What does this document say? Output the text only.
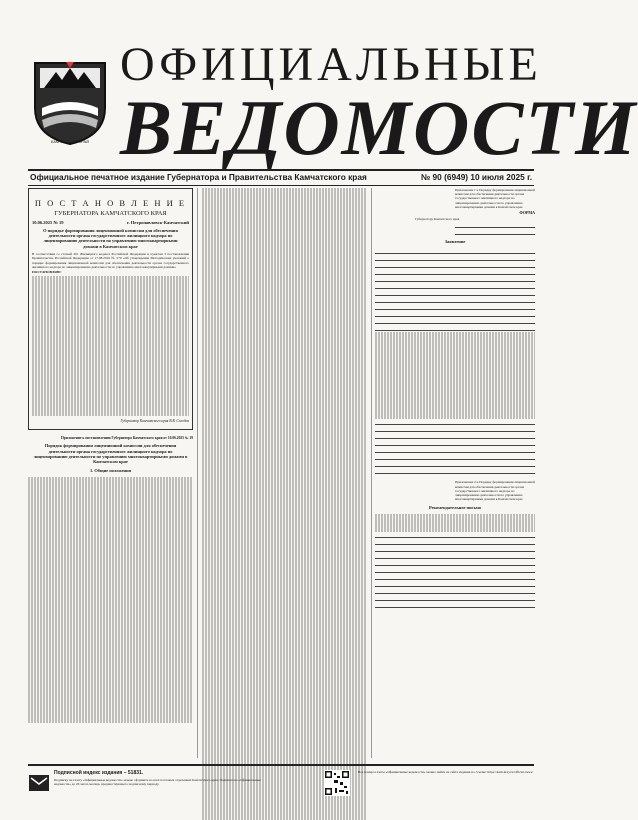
КАМЧАТСКИЙ КРАЙ
ОФИЦИАЛЬНЫЕ
ВЕДОМОСТИ
Официальное печатное издание Губернатора и Правительства Камчатского края	№ 90 (6949) 10 июля 2025 г.
П О С Т А Н О В Л Е Н И Е
ГУБЕРНАТОРА КАМЧАТСКОГО КРАЯ
10.06.2025 № 19	г. Петропавловск-Камчатский
О порядке формирования лицензионной комиссии для обеспечения деятельности органа государственного жилищного надзора по лицензированию деятельности по управлению многоквартирными домами в Камчатском крае

В соответствии со статьей 201 Жилищного кодекса Российской Федерации и пунктом 3 постановления Правительства Российской Федерации от 17.08.2016 № 570 «Об утверждении Методических указаний о порядке формирования лицензионной комиссии для обеспечения деятельности органа государственного жилищного надзора по лицензированию деятельности по управлению многоквартирными домами»

ПОСТАНОВЛЯЮ:

Губернатор Камчатского края В.В. Солодов
Приложение к постановлению Губернатора Камчатского края от 10.06.2025 № 19
Порядок формирования лицензионной комиссии для обеспечения деятельности органа государственного жилищного надзора по лицензированию деятельности по управлению многоквартирными домами в Камчатском крае
1. Общие положения
Приложение 1 к Порядку формирования лицензионной комиссии для обеспечения деятельности органа государственного жилищного надзора по лицензированию деятельности по управлению многоквартирными домами в Камчатском крае
ФОРМА
Губернатору Камчатского края
Заявление
Приложение 2 к Порядку формирования лицензионной комиссии для обеспечения деятельности органа государственного жилищного надзора по лицензированию деятельности по управлению многоквартирными домами в Камчатском крае
Рекомендательное письмо
Подписной индекс издания – 51831.
Подписку на газету «Официальные ведомости» можно оформить во всех почтовых отделениях Камчатского края. Подписка на «Официальные ведомости» до 26 числа месяца, предшествующего подписному периоду.
Все номера газеты «Официальные ведомости» можно найти на сайте издания по ссылке: https://kam-kray.ru/official-news/
